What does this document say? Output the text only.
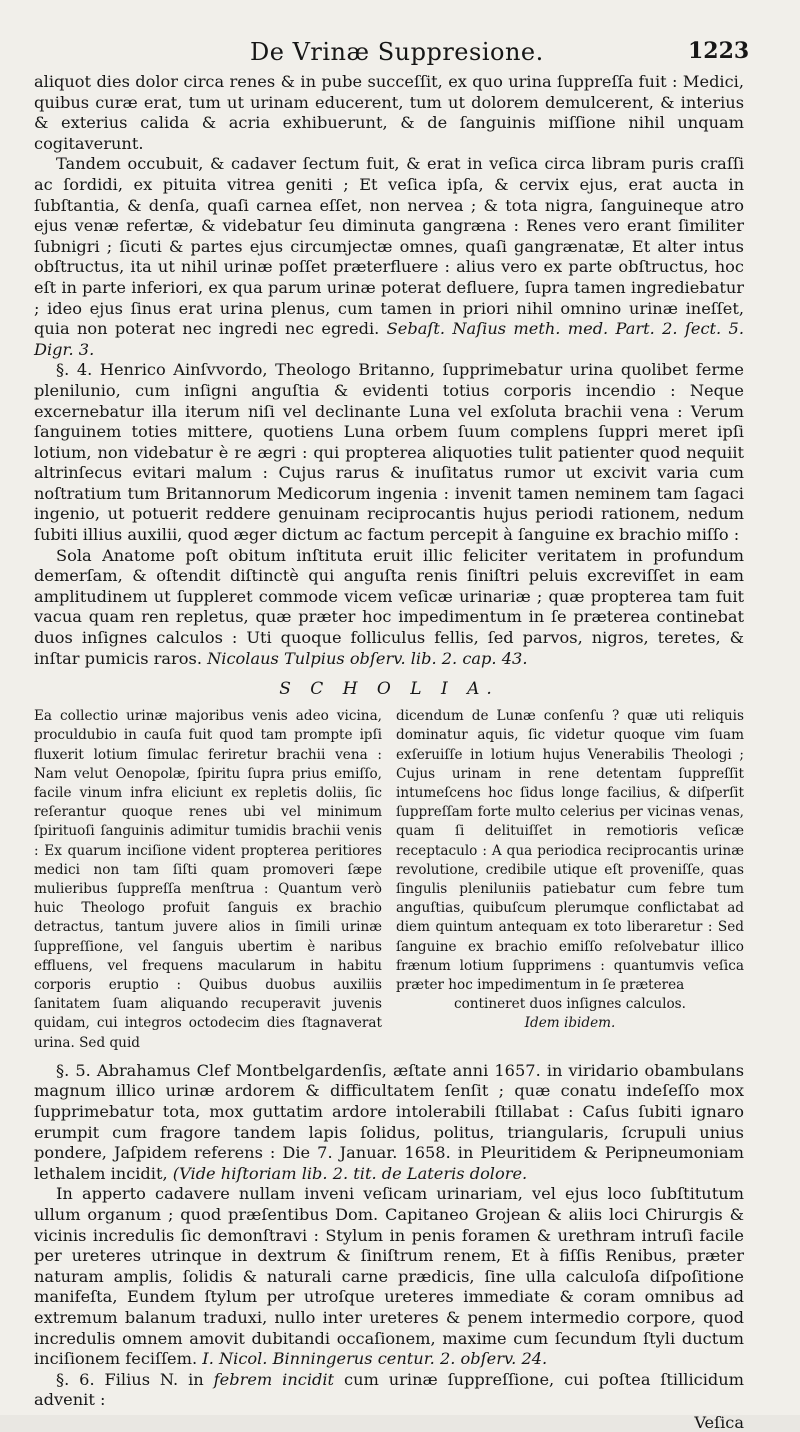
De Vrinæ Suppresione.	1223

aliquot dies dolor circa renes & in pube succeſſit, ex quo urina ſuppreſſa fuit : Medici, quibus curæ erat, tum ut urinam educerent, tum ut dolorem demulcerent, & interius & exterius calida & acria exhibuerunt, & de ſanguinis miſſione nihil unquam cogitaverunt.

Tandem occubuit, & cadaver ſectum fuit, & erat in veſica circa libram puris craſſi ac ſordidi, ex pituita vitrea geniti ; Et veſica ipſa, & cervix ejus, erat aucta in ſubſtantia, & denſa, quaſi carnea eſſet, non nervea ; & tota nigra, ſanguineque atro ejus venæ refertæ, & videbatur ſeu diminuta gangræna : Renes vero erant ſimiliter ſubnigri ; ſicuti & partes ejus circumjectæ omnes, quaſi gangrænatæ, Et alter intus obſtructus, ita ut nihil urinæ poſſet præterfluere : alius vero ex parte obſtructus, hoc eſt in parte inferiori, ex qua parum urinæ poterat defluere, ſupra tamen ingrediebatur ; ideo ejus ſinus erat urina plenus, cum tamen in priori nihil omnino urinæ ineſſet, quia non poterat nec ingredi nec egredi. Sebaſt. Naſius meth. med. Part. 2. ſect. 5. Digr. 3.

§. 4. Henrico Ainſvvordo, Theologo Britanno, ſupprimebatur urina quolibet ferme plenilunio, cum inſigni anguſtia & evidenti totius corporis incendio : Neque excernebatur illa iterum niſi vel declinante Luna vel exſoluta brachii vena : Verum ſanguinem toties mittere, quotiens Luna orbem ſuum complens ſuppri meret ipſi lotium, non videbatur è re ægri : qui propterea aliquoties tulit patienter quod nequiit altrinſecus evitari malum : Cujus rarus & inuſitatus rumor ut excivit varia cum noſtratium tum Britannorum Medicorum ingenia : invenit tamen neminem tam ſagaci ingenio, ut potuerit reddere genuinam reciprocantis hujus periodi rationem, nedum ſubiti illius auxilii, quod æger dictum ac factum percepit à ſanguine ex brachio miſſo :

Sola Anatome poſt obitum inſtituta eruit illic feliciter veritatem in profundum demerſam, & oſtendit diſtinctè qui anguſta renis ſiniſtri peluis excreviſſet in eam amplitudinem ut ſuppleret commode vicem veſicæ urinariæ ; quæ propterea tam fuit vacua quam ren repletus, quæ præter hoc impedimentum in ſe præterea continebat duos inſignes calculos : Uti quoque folliculus fellis, ſed parvos, nigros, teretes, & inſtar pumicis raros. Nicolaus Tulpius obſerv. lib. 2. cap. 43.

S C H O L I A.

Ea collectio urinæ majoribus venis adeo vicina, proculdubio in cauſa fuit quod tam prompte ipſi fluxerit lotium ſimulac feriretur brachii vena : Nam velut Oenopolæ, ſpiritu ſupra prius emiſſo, facile vinum infra eliciunt ex repletis doliis, ſic reſerantur quoque renes ubi vel minimum ſpirituoſi ſanguinis adimitur tumidis brachii venis : Ex quarum inciſione vident propterea peritiores medici non tam ſiſti quam promoveri ſæpe mulieribus ſuppreſſa menſtrua : Quantum verò huic Theologo profuit ſanguis ex brachio detractus, tantum juvere alios in ſimili urinæ ſuppreſſione, vel ſanguis ubertim è naribus effluens, vel frequens macularum in habitu corporis eruptio : Quibus duobus auxiliis ſanitatem ſuam aliquando recuperavit juvenis quidam, cui integros octodecim dies ſtagnaverat urina. Sed quid

dicendum de Lunæ conſenſu ? quæ uti reliquis dominatur aquis, ſic videtur quoque vim ſuam exſeruiſſe in lotium hujus Venerabilis Theologi ; Cujus urinam in rene detentam ſuppreſſit intumeſcens hoc ſidus longe facilius, & diſperſit ſuppreſſam forte multo celerius per vicinas venas, quam ſi delituiſſet in remotioris veſicæ receptaculo : A qua periodica reciprocantis urinæ revolutione, credibile utique eſt proveniſſe, quas ſingulis pleniluniis patiebatur cum febre tum anguſtias, quibuſcum plerumque conflictabat ad diem quintum antequam ex toto liberaretur : Sed ſanguine ex brachio emiſſo reſolvebatur illico frænum lotium ſupprimens : quantumvis veſica præter hoc impedimentum in ſe præterea

contineret duos inſignes calculos.

Idem ibidem.

§. 5. Abrahamus Clef Montbelgardenſis, æſtate anni 1657. in viridario obambulans magnum illico urinæ ardorem & difficultatem ſenſit ; quæ conatu indeſeſſo mox ſupprimebatur tota, mox guttatim ardore intolerabili ſtillabat : Caſus ſubiti ignaro erumpit cum fragore tandem lapis ſolidus, politus, triangularis, ſcrupuli unius pondere, Jaſpidem referens : Die 7. Januar. 1658. in Pleuritidem & Peripneumoniam lethalem incidit, (Vide hiſtoriam lib. 2. tit. de Lateris dolore.

In apperto cadavere nullam inveni veſicam urinariam, vel ejus loco ſubſtitutum ullum organum ; quod præſentibus Dom. Capitaneo Grojean & aliis loci Chirurgis & vicinis incredulis ſic demonſtravi : Stylum in penis foramen & urethram intruſi facile per ureteres utrinque in dextrum & ſiniſtrum renem, Et à fiſſis Renibus, præter naturam amplis, ſolidis & naturali carne prædicis, ſine ulla calculoſa diſpoſitione manifeſta, Eundem ſtylum per utroſque ureteres immediate & coram omnibus ad extremum balanum traduxi, nullo inter ureteres & penem intermedio corpore, quod incredulis omnem amovit dubitandi occaſionem, maxime cum ſecundum ſtyli ductum inciſionem feciſſem. I. Nicol. Binningerus centur. 2. obſerv. 24.

§. 6. Filius N. in febrem incidit cum urinæ ſuppreſſione, cui poſtea ſtillicidum advenit :

Veſica
